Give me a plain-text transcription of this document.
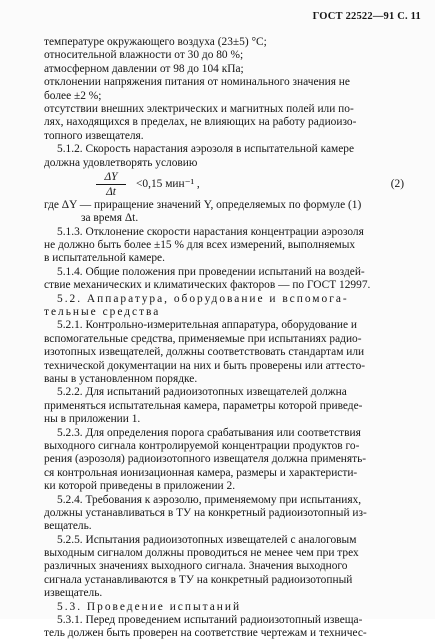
ГОСТ 22522—91 С. 11
температуре окружающего воздуха (23±5) °С;
относительной влажности от 30 до 80 %;
атмосферном давлении от 98 до 104 кПа;
отклонении напряжения питания от номинального значения не
более ±2 %;
отсутствии внешних электрических и магнитных полей или по-
лях, находящихся в пределах, не влияющих на работу радиоизо-
топного извещателя.
5.1.2. Скорость нарастания аэрозоля в испытательной камере
должна удовлетворять условию
ΔY
Δt
<0,15 мин⁻¹ ,	(2)
где ΔY — приращение значений Y, определяемых по формуле (1)
за время Δt.
5.1.3. Отклонение скорости нарастания концентрации аэрозоля
не должно быть более ±15 % для всех измерений, выполняемых
в испытательной камере.
5.1.4. Общие положения при проведении испытаний на воздей-
ствие механических и климатических факторов — по ГОСТ 12997.
5.2. Аппаратура, оборудование и вспомога-
тельные средства
5.2.1. Контрольно-измерительная аппаратура, оборудование и
вспомогательные средства, применяемые при испытаниях радио-
изотопных извещателей, должны соответствовать стандартам или
технической документации на них и быть проверены или аттесто-
ваны в установленном порядке.
5.2.2. Для испытаний радиоизотопных извещателей должна
применяться испытательная камера, параметры которой приведе-
ны в приложении 1.
5.2.3. Для определения порога срабатывания или соответствия
выходного сигнала контролируемой концентрации продуктов го-
рения (аэрозоля) радиоизотопного извещателя должна применять-
ся контрольная ионизационная камера, размеры и характеристи-
ки которой приведены в приложении 2.
5.2.4. Требования к аэрозолю, применяемому при испытаниях,
должны устанавливаться в ТУ на конкретный радиоизотопный из-
вещатель.
5.2.5. Испытания радиоизотопных извещателей с аналоговым
выходным сигналом должны проводиться не менее чем при трех
различных значениях выходного сигнала. Значения выходного
сигнала устанавливаются в ТУ на конкретный радиоизотопный
извещатель.
5.3. Проведение испытаний
5.3.1. Перед проведением испытаний радиоизотопный извеща-
тель должен быть проверен на соответствие чертежам и техничес-
